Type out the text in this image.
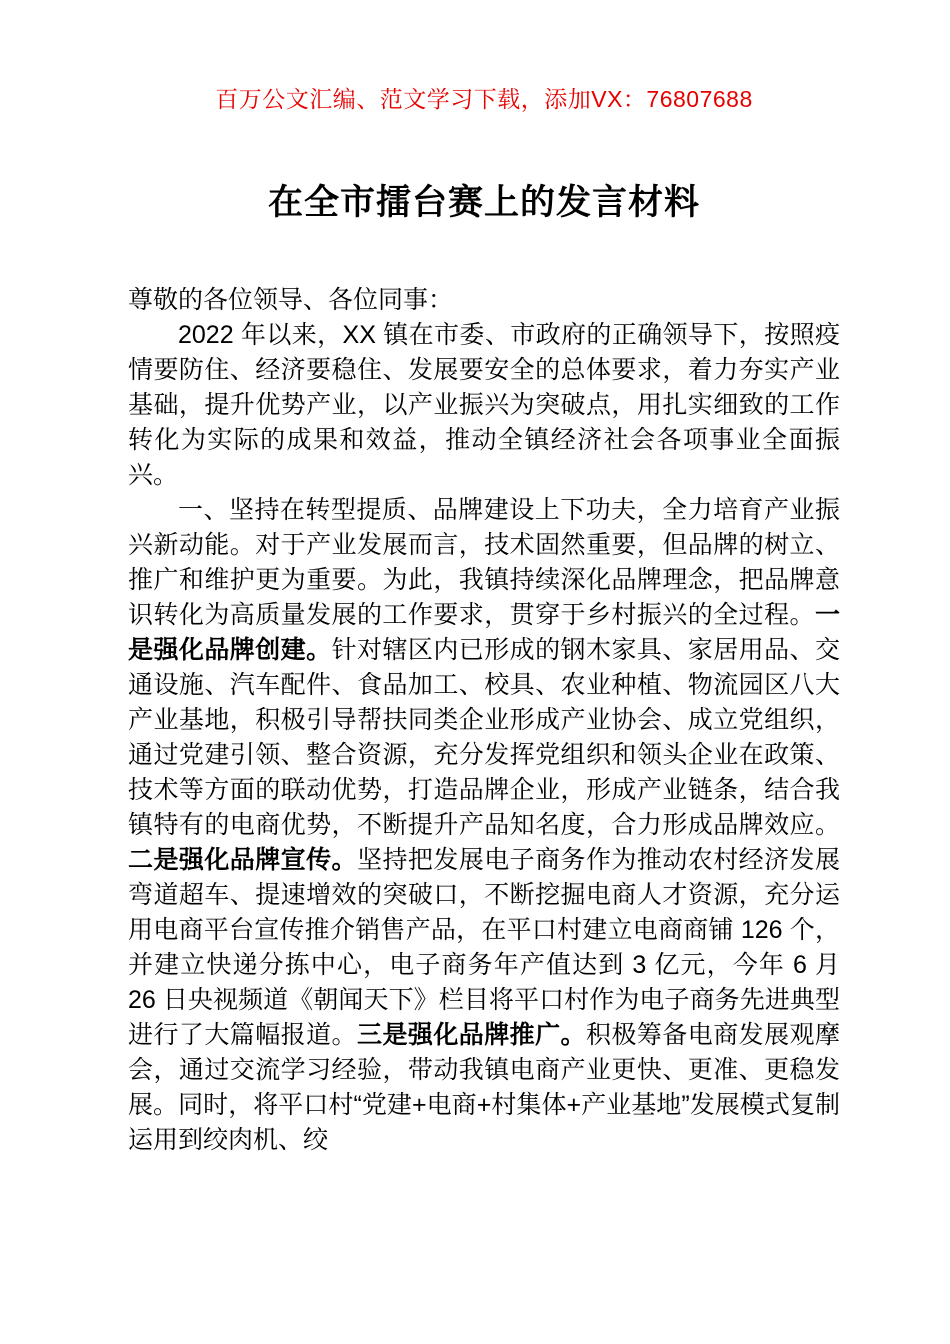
百万公文汇编、范文学习下载，添加VX：76807688
在全市擂台赛上的发言材料

尊敬的各位领导、各位同事：

2022 年以来，XX 镇在市委、市政府的正确领导下，按照疫情要防住、经济要稳住、发展要安全的总体要求，着力夯实产业基础，提升优势产业，以产业振兴为突破点，用扎实细致的工作转化为实际的成果和效益，推动全镇经济社会各项事业全面振兴。

一、坚持在转型提质、品牌建设上下功夫，全力培育产业振兴新动能。对于产业发展而言，技术固然重要，但品牌的树立、推广和维护更为重要。为此，我镇持续深化品牌理念，把品牌意识转化为高质量发展的工作要求，贯穿于乡村振兴的全过程。一是强化品牌创建。针对辖区内已形成的钢木家具、家居用品、交通设施、汽车配件、食品加工、校具、农业种植、物流园区八大产业基地，积极引导帮扶同类企业形成产业协会、成立党组织，通过党建引领、整合资源，充分发挥党组织和领头企业在政策、技术等方面的联动优势，打造品牌企业，形成产业链条，结合我镇特有的电商优势，不断提升产品知名度，合力形成品牌效应。二是强化品牌宣传。坚持把发展电子商务作为推动农村经济发展弯道超车、提速增效的突破口，不断挖掘电商人才资源，充分运用电商平台宣传推介销售产品，在平口村建立电商商铺 126 个，并建立快递分拣中心，电子商务年产值达到 3 亿元，今年 6 月 26 日央视频道《朝闻天下》栏目将平口村作为电子商务先进典型进行了大篇幅报道。三是强化品牌推广。积极筹备电商发展观摩会，通过交流学习经验，带动我镇电商产业更快、更准、更稳发展。同时，将平口村“党建+电商+村集体+产业基地”发展模式复制运用到绞肉机、绞
